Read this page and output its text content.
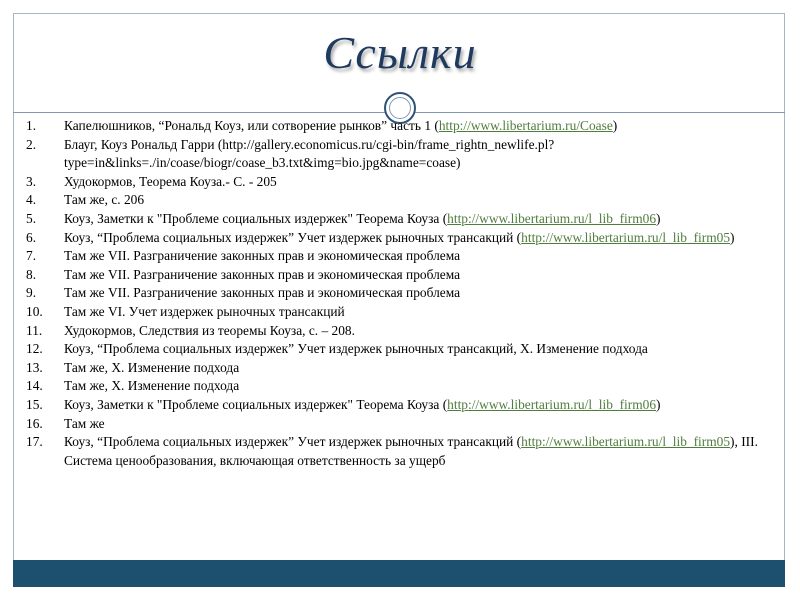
Ссылки
1. Капелюшников, “Рональд Коуз, или сотворение рынков” часть 1 (http://www.libertarium.ru/Coase)
2. Блауг, Коуз Рональд Гарри (http://gallery.economicus.ru/cgi-bin/frame_rightn_newlife.pl?type=in&links=./in/coase/biogr/coase_b3.txt&img=bio.jpg&name=coase)
3. Худокормов, Теорема Коуза.- С. - 205
4. Там же, с. 206
5. Коуз, Заметки к "Проблеме социальных издержек" Теорема Коуза (http://www.libertarium.ru/l_lib_firm06)
6. Коуз, “Проблема социальных издержек” Учет издержек рыночных трансакций (http://www.libertarium.ru/l_lib_firm05)
7. Там же VII. Разграничение законных прав и экономическая проблема
8. Там же VII. Разграничение законных прав и экономическая проблема
9. Там же VII. Разграничение законных прав и экономическая проблема
10. Там же VI. Учет издержек рыночных трансакций
11. Худокормов, Следствия из теоремы Коуза, с. – 208.
12. Коуз, “Проблема социальных издержек” Учет издержек рыночных трансакций, X. Изменение подхода
13. Там же, X. Изменение подхода
14. Там же, X. Изменение подхода
15. Коуз, Заметки к "Проблеме социальных издержек" Теорема Коуза (http://www.libertarium.ru/l_lib_firm06)
16. Там же
17. Коуз, “Проблема социальных издержек” Учет издержек рыночных трансакций (http://www.libertarium.ru/l_lib_firm05), III. Система ценообразования, включающая ответственность за ущерб
